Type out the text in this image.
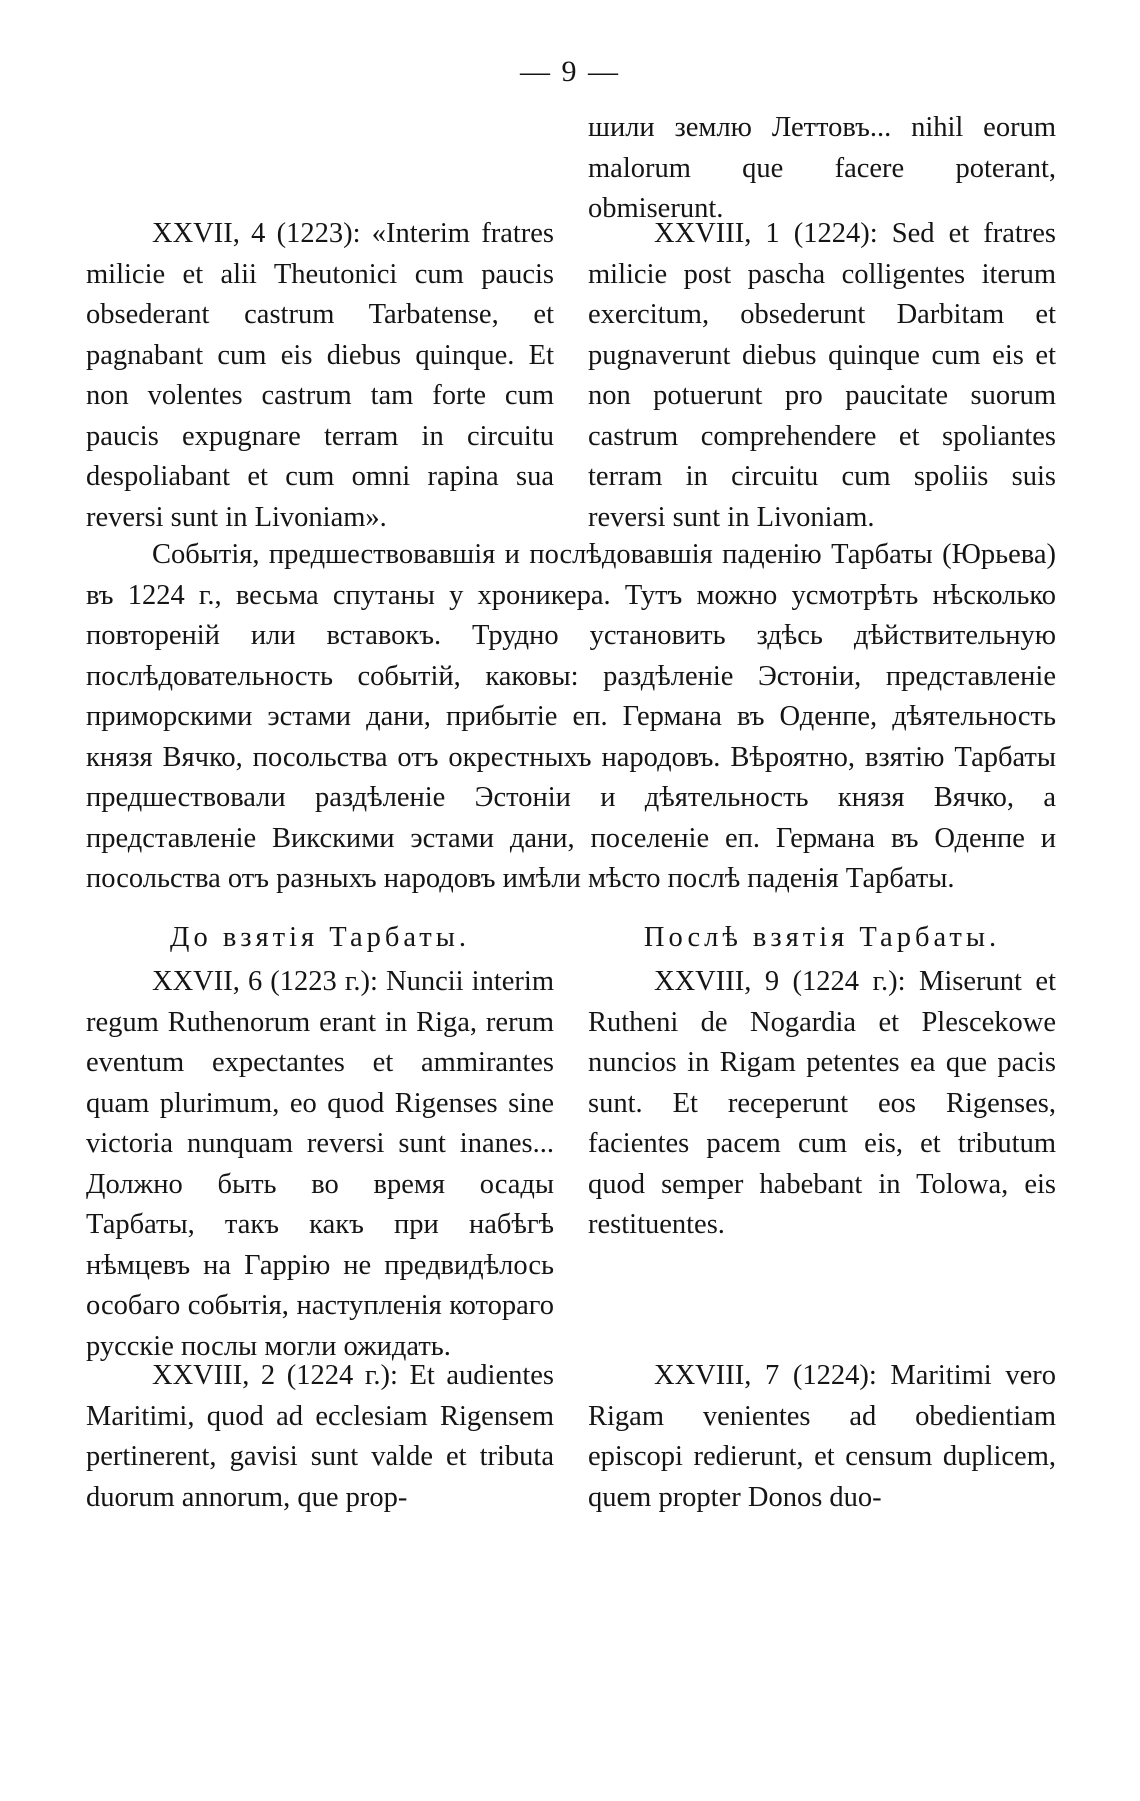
— 9 —

шили землю Леттовъ... nihil eorum malorum que facere poterant, obmiserunt.

XXVII, 4 (1223): «Interim fratres milicie et alii Theutonici cum paucis obsederant castrum Tarbatense, et pagnabant cum eis diebus quinque. Et non volentes castrum tam forte cum paucis expugnare terram in circuitu despoliabant et cum omni rapina sua reversi sunt in Livoniam».

XXVIII, 1 (1224): Sed et fratres milicie post pascha colligentes iterum exercitum, obsederunt Darbitam et pugnaverunt diebus quinque cum eis et non potuerunt pro paucitate suorum castrum comprehendere et spoliantes terram in circuitu cum spoliis suis reversi sunt in Livoniam.

Событія, предшествовавшія и послѣдовавшія паденію Тарбаты (Юрьева) въ 1224 г., весьма спутаны у хроникера. Тутъ можно усмотрѣть нѣсколько повтореній или вставокъ. Трудно установить здѣсь дѣйствительную послѣдовательность событій, каковы: раздѣленіе Эстоніи, представленіе приморскими эстами дани, прибытіе еп. Германа въ Оденпе, дѣятельность князя Вячко, посольства отъ окрестныхъ народовъ. Вѣроятно, взятію Тарбаты предшествовали раздѣленіе Эстоніи и дѣятельность князя Вячко, а представленіе Викскими эстами дани, поселеніе еп. Германа въ Оденпе и посольства отъ разныхъ народовъ имѣли мѣсто послѣ паденія Тарбаты.

До взятія Тарбаты.	Послѣ взятія Тарбаты.

XXVII, 6 (1223 г.): Nuncii interim regum Ruthenorum erant in Riga, rerum eventum expectantes et ammirantes quam plurimum, eo quod Rigenses sine victoria nunquam reversi sunt inanes... Должно быть во время осады Тарбаты, такъ какъ при набѣгѣ нѣмцевъ на Гаррію не предвидѣлось особаго событія, наступленія котораго русскіе послы могли ожидать.

XXVIII, 9 (1224 г.): Miserunt et Rutheni de Nogardia et Plescekowe nuncios in Rigam petentes ea que pacis sunt. Et receperunt eos Rigenses, facientes pacem cum eis, et tributum quod semper habebant in Tolowa, eis restituentes.

XXVIII, 2 (1224 г.): Et audientes Maritimi, quod ad ecclesiam Rigensem pertinerent, gavisi sunt valde et tributa duorum annorum, que prop-

XXVIII, 7 (1224): Maritimi vero Rigam venientes ad obedientiam episcopi redierunt, et censum duplicem, quem propter Donos duo-
